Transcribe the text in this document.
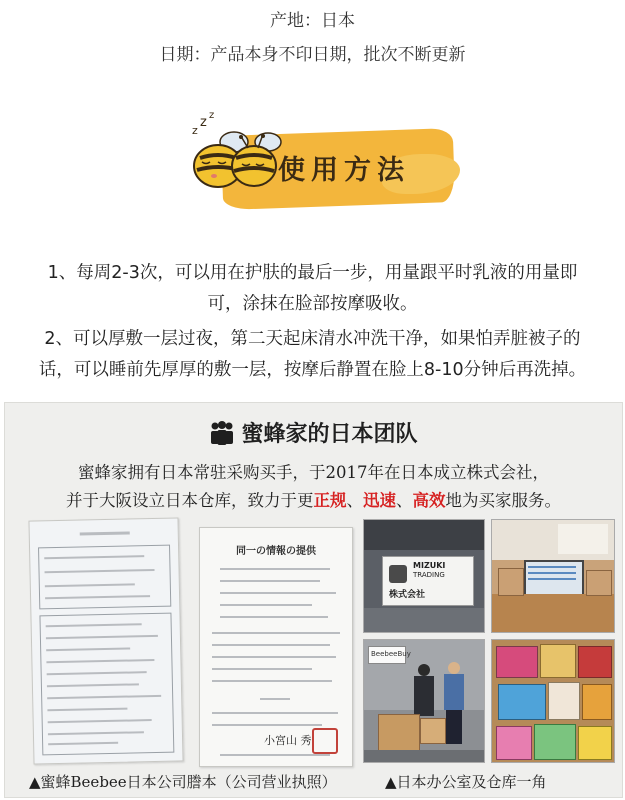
产地：日本
日期：产品本身不印日期，批次不断更新
z
z z
使用方法
1、每周2-3次，可以用在护肤的最后一步，用量跟平时乳液的用量即
可，涂抹在脸部按摩吸收。
2、可以厚敷一层过夜，第二天起床清水冲洗干净，如果怕弄脏被子的
话，可以睡前先厚厚的敷一层，按摩后静置在脸上8-10分钟后再洗掉。
蜜蜂家的日本团队
蜜蜂家拥有日本常驻采购买手，于2017年在日本成立株式会社，
并于大阪设立日本仓库，致力于更正规、迅速、高效地为买家服务。
同一の情報の提供
小宮山 秀
MIZUKI
TRADING
株式会社
BeebeeBuy
▲蜜蜂Beebee日本公司謄本（公司营业执照）	▲日本办公室及仓库一角
